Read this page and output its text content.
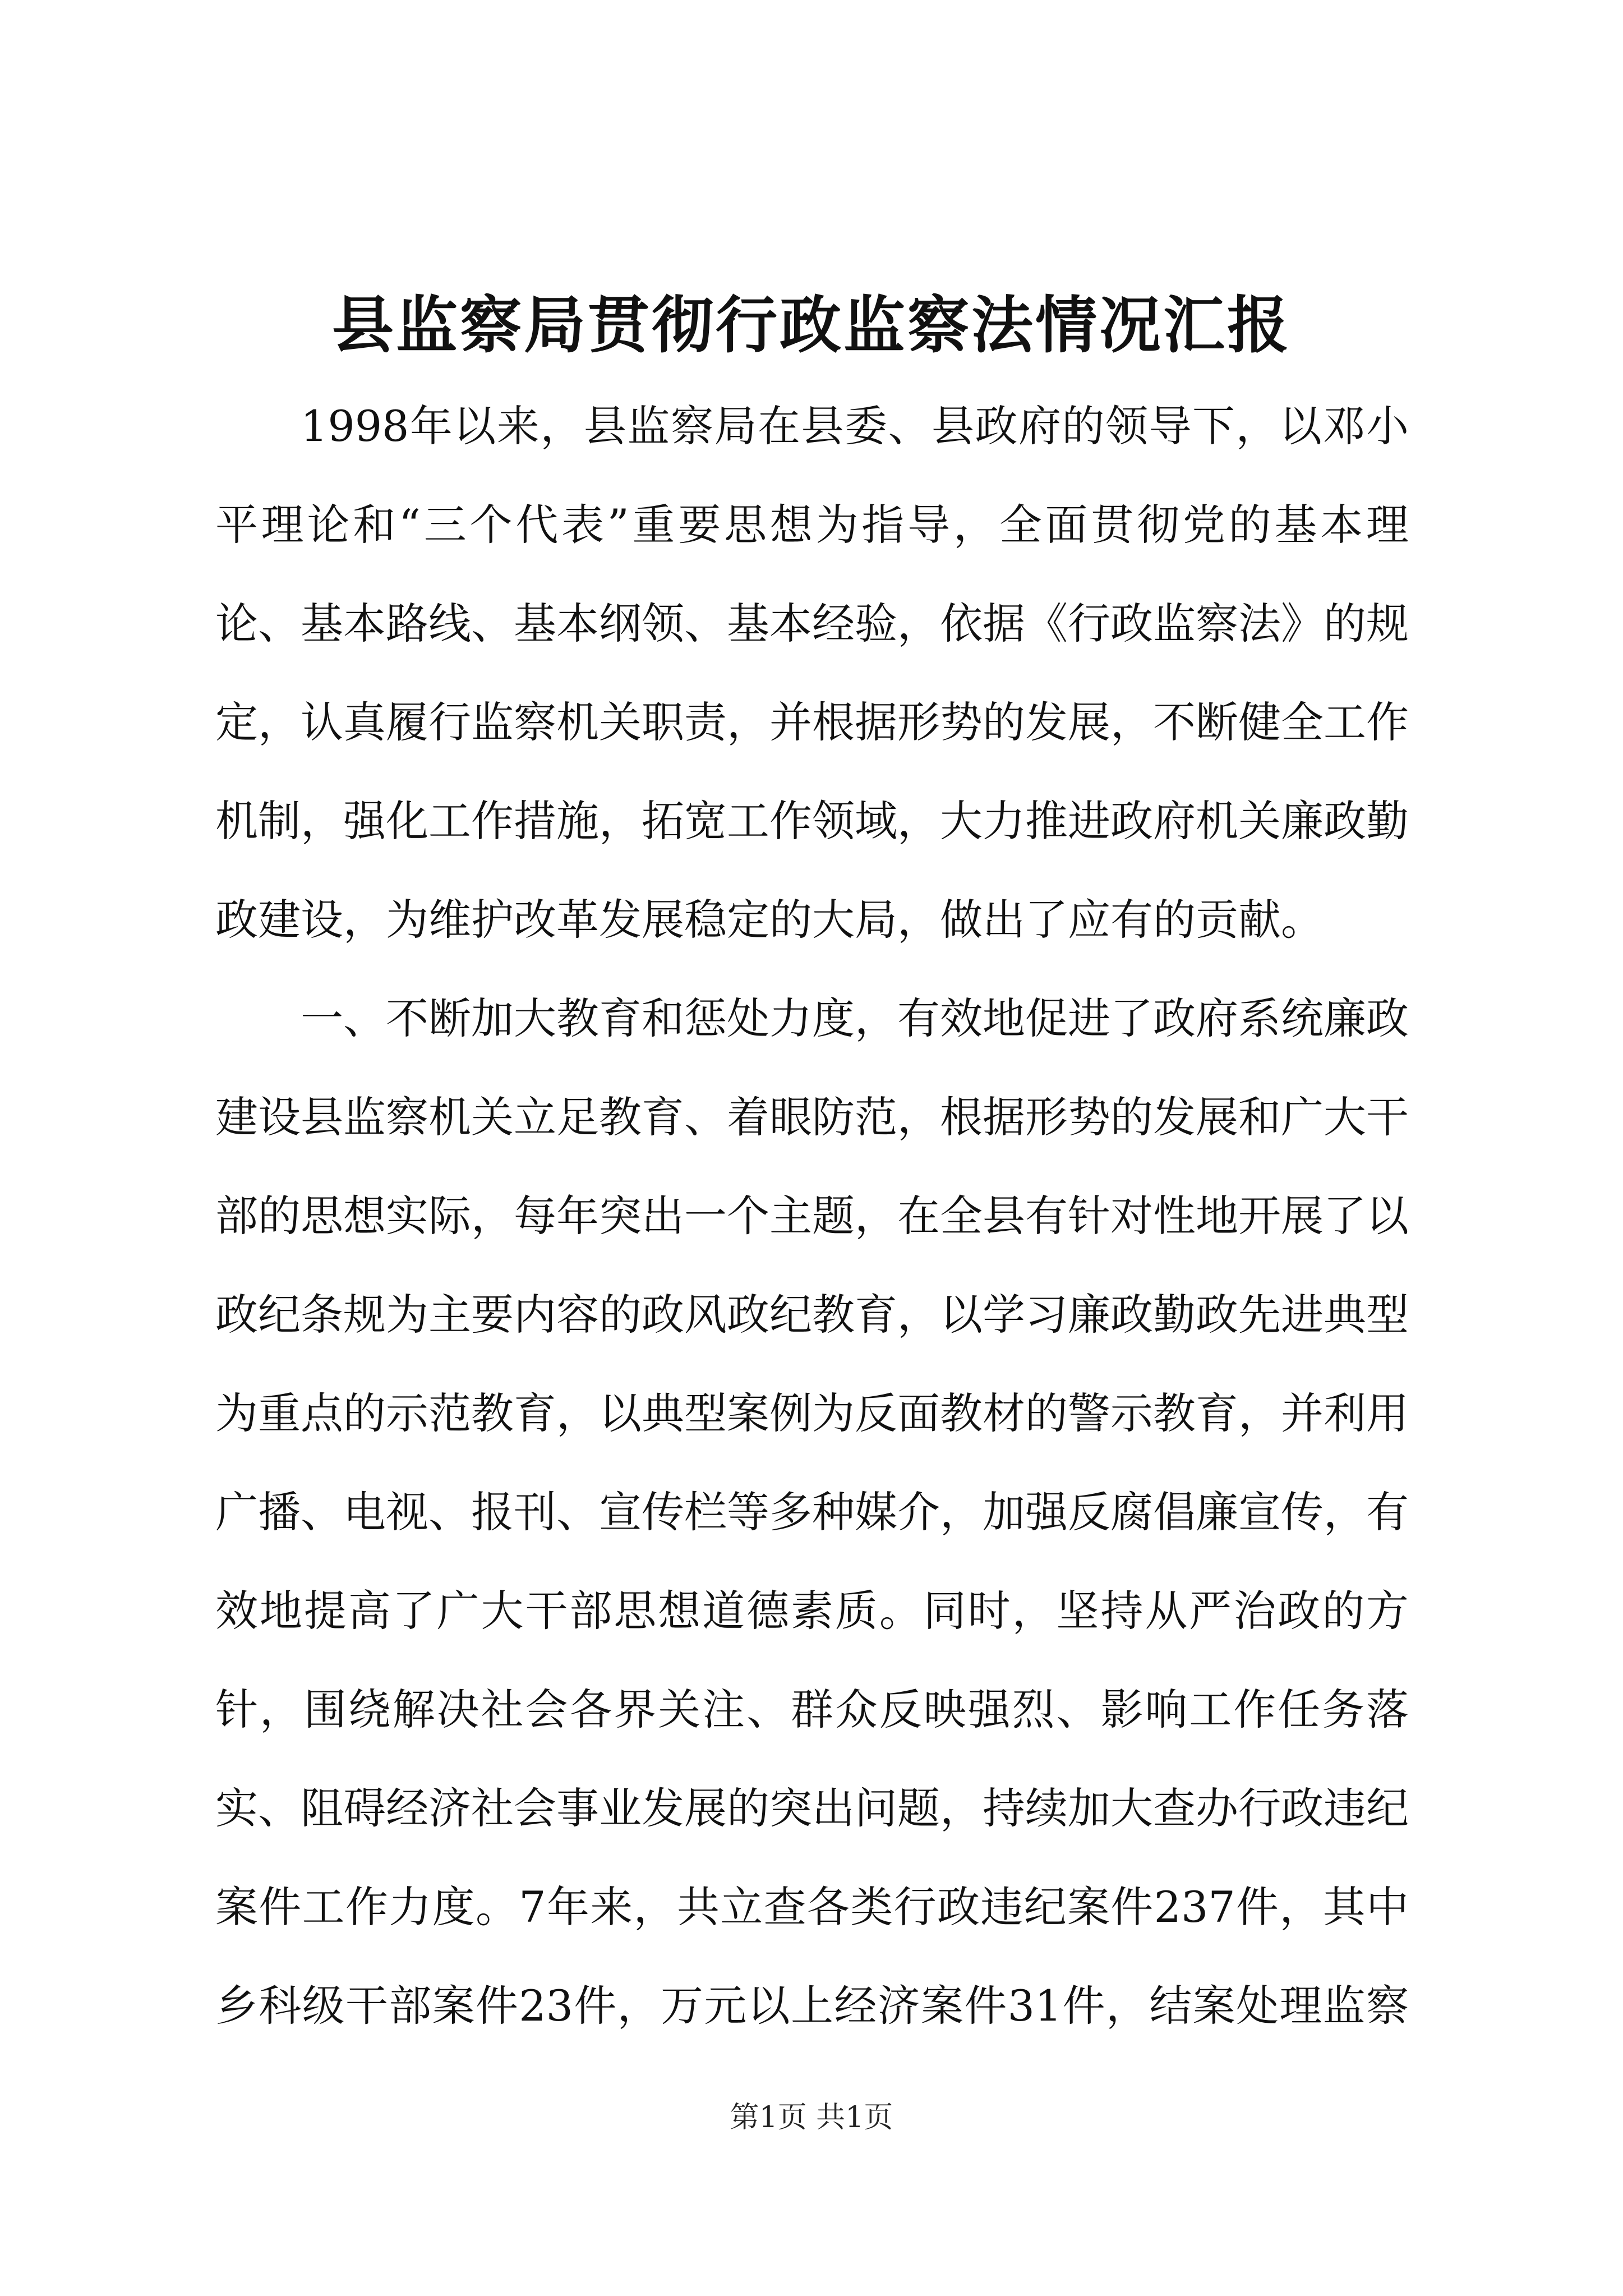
县监察局贯彻行政监察法情况汇报

1998年以来，县监察局在县委、县政府的领导下，以邓小平理论和“三个代表”重要思想为指导，全面贯彻党的基本理论、基本路线、基本纲领、基本经验，依据《行政监察法》的规定，认真履行监察机关职责，并根据形势的发展，不断健全工作机制，强化工作措施，拓宽工作领域，大力推进政府机关廉政勤政建设，为维护改革发展稳定的大局，做出了应有的贡献。

一、不断加大教育和惩处力度，有效地促进了政府系统廉政建设县监察机关立足教育、着眼防范，根据形势的发展和广大干部的思想实际，每年突出一个主题，在全县有针对性地开展了以政纪条规为主要内容的政风政纪教育，以学习廉政勤政先进典型为重点的示范教育，以典型案例为反面教材的警示教育，并利用广播、电视、报刊、宣传栏等多种媒介，加强反腐倡廉宣传，有效地提高了广大干部思想道德素质。同时，坚持从严治政的方针，围绕解决社会各界关注、群众反映强烈、影响工作任务落实、阻碍经济社会事业发展的突出问题，持续加大查办行政违纪案件工作力度。7年来，共立查各类行政违纪案件237件，其中乡科级干部案件23件，万元以上经济案件31件，结案处理监察

第1页 共1页
